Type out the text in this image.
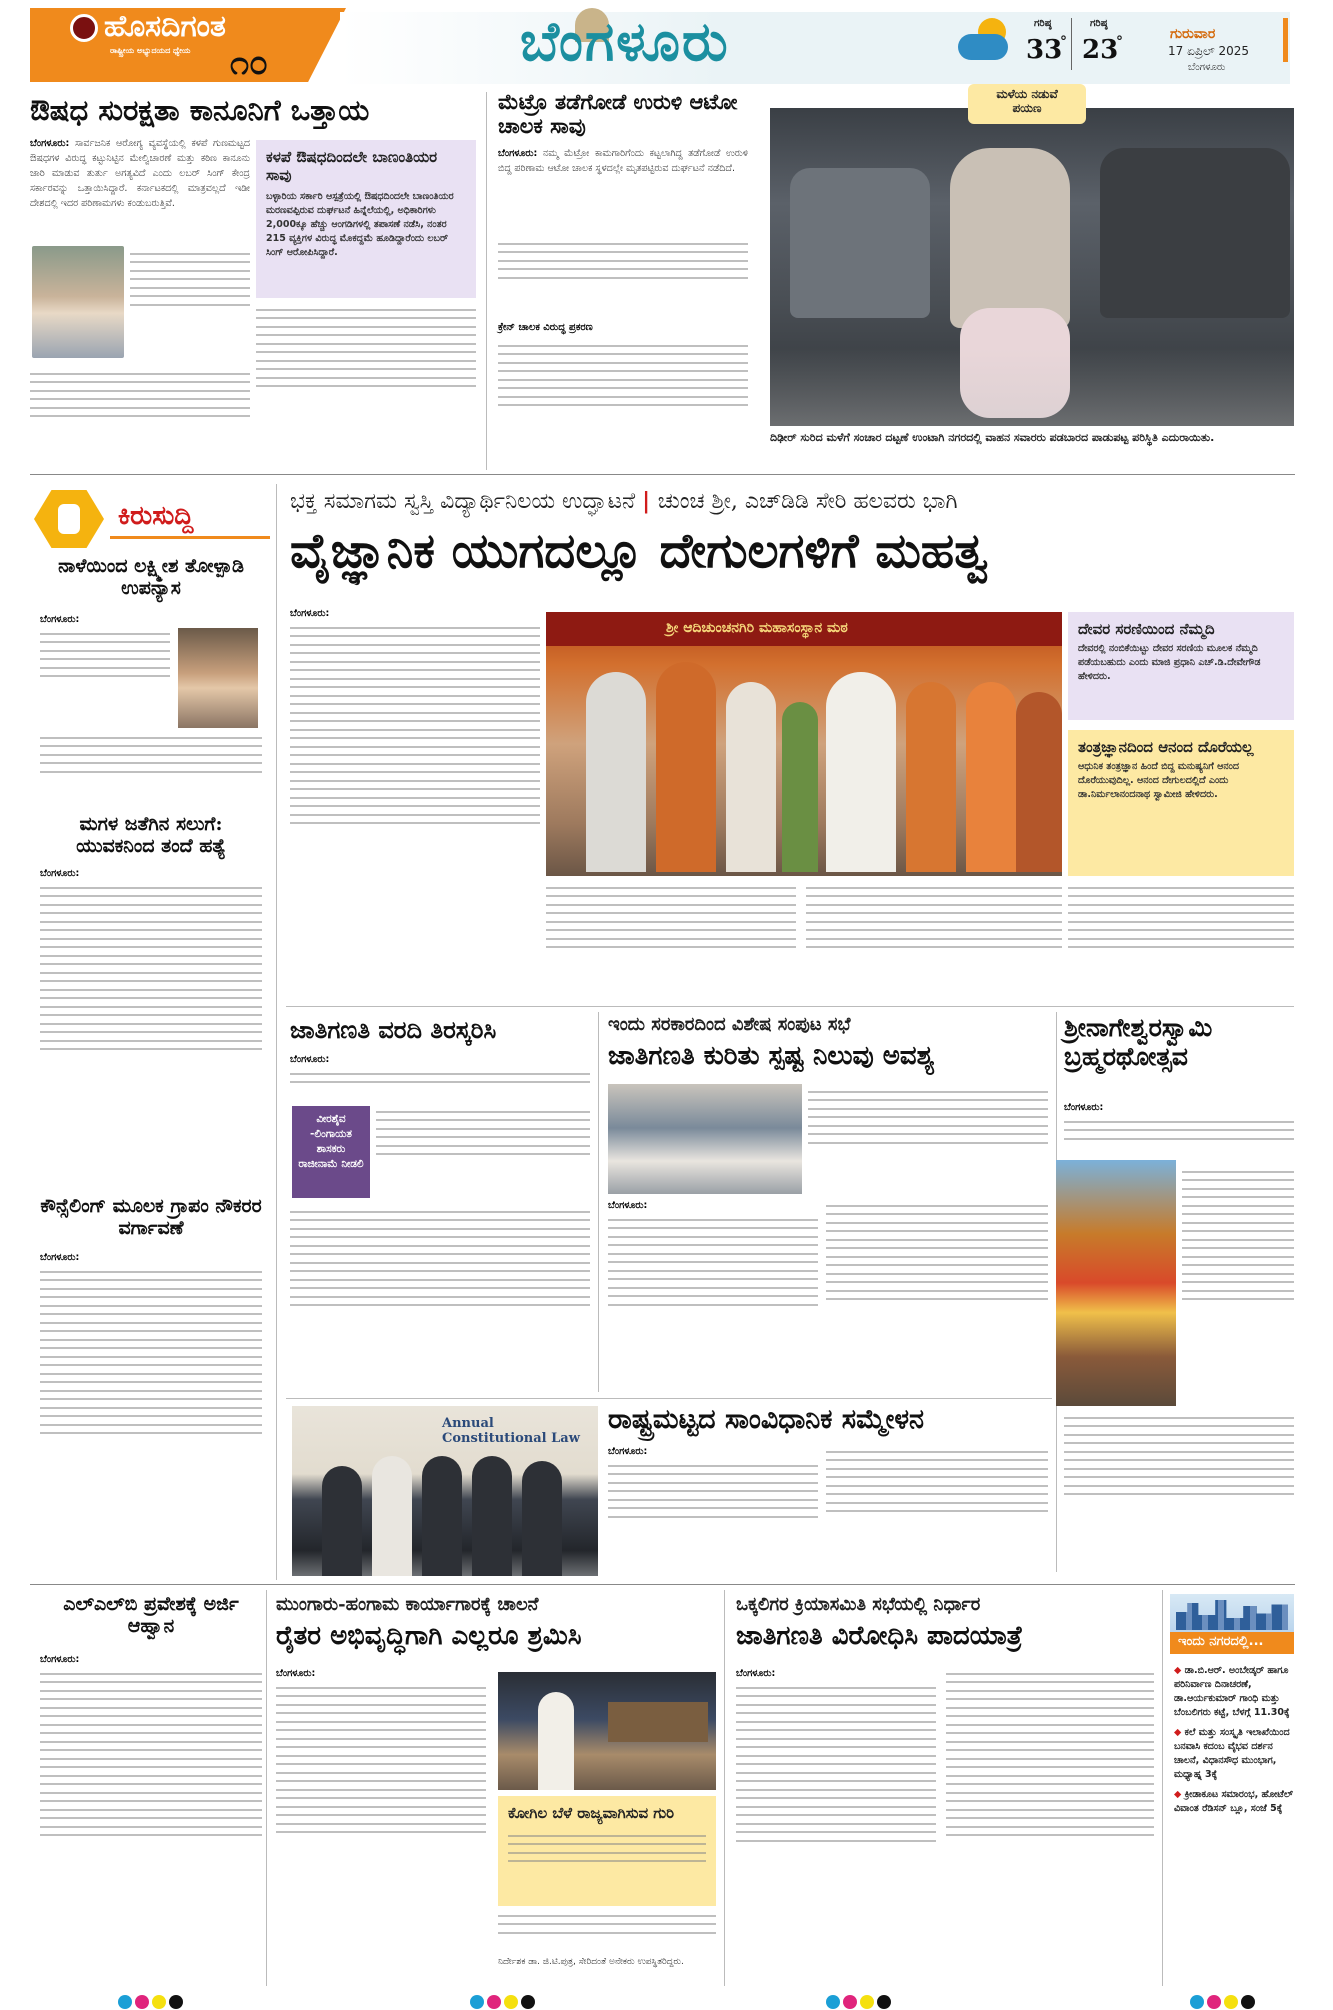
ಹೊಸದಿಗಂತ
ರಾಷ್ಟ್ರೀಯ ಅಭ್ಯುದಯದ ಧ್ಯೇಯ ೧೦	ಬೆಂಗಳೂರು	ಗರಿಷ್ಠ
33
°
ಗರಿಷ್ಠ
23
°	ಗುರುವಾರ
17 ಏಪ್ರಿಲ್ 2025
ಬೆಂಗಳೂರು
ಔಷಧ ಸುರಕ್ಷತಾ ಕಾನೂನಿಗೆ ಒತ್ತಾಯ
ಬೆಂಗಳೂರು: ಸಾರ್ವಜನಿಕ ಆರೋಗ್ಯ ವ್ಯವಸ್ಥೆಯಲ್ಲಿ ಕಳಪೆ ಗುಣಮಟ್ಟದ ಔಷಧಗಳ ವಿರುದ್ಧ ಕಟ್ಟುನಿಟ್ಟಿನ ಮೇಲ್ವಿಚಾರಣೆ ಮತ್ತು ಕಠಿಣ ಕಾನೂನು ಜಾರಿ ಮಾಡುವ ತುರ್ತು ಅಗತ್ಯವಿದೆ ಎಂದು ಲಬರ್ ಸಿಂಗ್ ಕೇಂದ್ರ ಸರ್ಕಾರವನ್ನು ಒತ್ತಾಯಿಸಿದ್ದಾರೆ. ಕರ್ನಾಟಕದಲ್ಲಿ ಮಾತ್ರವಲ್ಲದೆ ಇಡೀ ದೇಶದಲ್ಲಿ ಇದರ ಪರಿಣಾಮಗಳು ಕಂಡುಬರುತ್ತಿವೆ.
ಕಳಪೆ ಔಷಧದಿಂದಲೇ ಬಾಣಂತಿಯರ ಸಾವು
ಬಳ್ಳಾರಿಯ ಸರ್ಕಾರಿ ಆಸ್ಪತ್ರೆಯಲ್ಲಿ ಔಷಧದಿಂದಲೇ ಬಾಣಂತಿಯರ ಮರಣವಪ್ಪಿರುವ ದುರ್ಘಟನೆ ಹಿನ್ನೆಲೆಯಲ್ಲಿ, ಅಧಿಕಾರಿಗಳು 2,000ಕ್ಕೂ ಹೆಚ್ಚು ಆಂಗಡಿಗಳಲ್ಲಿ ತಪಾಸಣೆ ನಡೆಸಿ, ನಂತರ 215 ವ್ಯಕ್ತಿಗಳ ವಿರುದ್ಧ ಮೊಕದ್ದಮೆ ಹೂಡಿದ್ದಾರೆಂದು ಲಬರ್ ಸಿಂಗ್ ಆರೋಪಿಸಿದ್ದಾರೆ.
ಮೆಟ್ರೊ ತಡೆಗೋಡೆ ಉರುಳಿ ಆಟೋ ಚಾಲಕ ಸಾವು
ಬೆಂಗಳೂರು: ನಮ್ಮ ಮೆಟ್ರೋ ಕಾಮಗಾರಿಗೆಂದು ಕಟ್ಟಲಾಗಿದ್ದ ತಡೆಗೋಡೆ ಉರುಳಿ ಬಿದ್ದ ಪರಿಣಾಮ ಆಟೋ ಚಾಲಕ ಸ್ಥಳದಲ್ಲೇ ಮೃತಪಟ್ಟಿರುವ ದುರ್ಘಟನೆ ನಡೆದಿದೆ.
ಕ್ರೇನ್ ಚಾಲಕ ವಿರುದ್ಧ ಪ್ರಕರಣ
ಮಳೆಯ ನಡುವೆ
ಪಯಣ
ದಿಢೀರ್ ಸುರಿದ ಮಳೆಗೆ ಸಂಚಾರ ದಟ್ಟಣೆ ಉಂಟಾಗಿ ನಗರದಲ್ಲಿ ವಾಹನ ಸವಾರರು ಪಡಬಾರದ ಪಾಡುಪಟ್ಟ ಪರಿಸ್ಥಿತಿ ಎದುರಾಯಿತು.
ಕಿರುಸುದ್ದಿ
ನಾಳೆಯಿಂದ ಲಕ್ಷ್ಮೀಶ ತೋಳ್ಪಾಡಿ ಉಪನ್ಯಾಸ
ಬೆಂಗಳೂರು:
ಮಗಳ ಜತೆಗಿನ ಸಲುಗೆ: ಯುವಕನಿಂದ ತಂದೆ ಹತ್ಯೆ
ಬೆಂಗಳೂರು:
ಕೌನ್ಸೆಲಿಂಗ್ ಮೂಲಕ ಗ್ರಾಪಂ ನೌಕರರ ವರ್ಗಾವಣೆ
ಬೆಂಗಳೂರು:
ಭಕ್ತ ಸಮಾಗಮ ಸ್ವಸ್ತಿ ವಿದ್ಯಾರ್ಥಿನಿಲಯ ಉದ್ಘಾಟನೆ | ಚುಂಚ ಶ್ರೀ, ಎಚ್‌ಡಿಡಿ ಸೇರಿ ಹಲವರು ಭಾಗಿ
ವೈಜ್ಞಾನಿಕ ಯುಗದಲ್ಲೂ ದೇಗುಲಗಳಿಗೆ ಮಹತ್ವ
ಬೆಂಗಳೂರು:
ಶ್ರೀ ಆದಿಚುಂಚನಗಿರಿ ಮಹಾಸಂಸ್ಥಾನ ಮಠ	ದೇವರ ಸರಣಿಯಿಂದ ನೆಮ್ಮದಿ
ದೇವರಲ್ಲಿ ನಂಬಿಕೆಯಿಟ್ಟು ದೇವರ ಸರಣಿಯ ಮೂಲಕ ನೆಮ್ಮದಿ ಪಡೆಯಬಹುದು ಎಂದು ಮಾಜಿ ಪ್ರಧಾನಿ ಎಚ್.ಡಿ.ದೇವೇಗೌಡ ಹೇಳಿದರು.
ತಂತ್ರಜ್ಞಾನದಿಂದ ಆನಂದ ದೊರೆಯಲ್ಲ
ಆಧುನಿಕ ತಂತ್ರಜ್ಞಾನ ಹಿಂದೆ ಬಿದ್ದ ಮನುಷ್ಯನಿಗೆ ಆನಂದ ದೊರೆಯುವುದಿಲ್ಲ. ಆನಂದ ದೇಗುಲದಲ್ಲಿದೆ ಎಂದು ಡಾ.ನಿರ್ಮಲಾನಂದನಾಥ ಸ್ವಾಮೀಜಿ ಹೇಳಿದರು.
ಜಾತಿಗಣತಿ ವರದಿ ತಿರಸ್ಕರಿಸಿ
ಬೆಂಗಳೂರು:
ವೀರಶೈವ -ಲಿಂಗಾಯತ ಶಾಸಕರು ರಾಜೀನಾಮೆ ನೀಡಲಿ
ಇಂದು ಸರಕಾರದಿಂದ ವಿಶೇಷ ಸಂಪುಟ ಸಭೆ
ಜಾತಿಗಣತಿ ಕುರಿತು ಸ್ಪಷ್ಟ ನಿಲುವು ಅವಶ್ಯ
ಬೆಂಗಳೂರು:
ಶ್ರೀನಾಗೇಶ್ವರಸ್ವಾಮಿ ಬ್ರಹ್ಮರಥೋತ್ಸವ
ಬೆಂಗಳೂರು:
Annual Constitutional Law
ರಾಷ್ಟ್ರಮಟ್ಟದ ಸಾಂವಿಧಾನಿಕ ಸಮ್ಮೇಳನ
ಬೆಂಗಳೂರು:
ಎಲ್‌ಎಲ್‌ಬಿ ಪ್ರವೇಶಕ್ಕೆ ಅರ್ಜಿ ಆಹ್ವಾನ
ಬೆಂಗಳೂರು:
ಮುಂಗಾರು-ಹಂಗಾಮ ಕಾರ್ಯಾಗಾರಕ್ಕೆ ಚಾಲನೆ
ರೈತರ ಅಭಿವೃದ್ಧಿಗಾಗಿ ಎಲ್ಲರೂ ಶ್ರಮಿಸಿ
ಬೆಂಗಳೂರು:
ಕೋಗಿಲ ಬೆಳೆ ರಾಜ್ಯವಾಗಿಸುವ ಗುರಿ
ನಿರ್ದೇಶಕ ಡಾ. ಜಿ.ಟಿ.ಪುತ್ರ, ಸೇರಿದಂತೆ ಅನೇಕರು ಉಪಸ್ಥಿತರಿದ್ದರು.
ಒಕ್ಕಲಿಗರ ಕ್ರಿಯಾಸಮಿತಿ ಸಭೆಯಲ್ಲಿ ನಿರ್ಧಾರ
ಜಾತಿಗಣತಿ ವಿರೋಧಿಸಿ ಪಾದಯಾತ್ರೆ
ಬೆಂಗಳೂರು:
ಇಂದು ನಗರದಲ್ಲಿ...
◆ ಡಾ.ಬಿ.ಆರ್. ಅಂಬೇಡ್ಕರ್ ಹಾಗೂ ಪರಿನಿರ್ವಾಣ ದಿನಾಚರಣೆ, ಡಾ.ಆರ್ಯಕುಮಾರ್ ಗಾಂಧಿ ಮತ್ತು ಬೆಂಬಲಿಗರು ಕಟ್ಟೆ, ಬೆಳಗ್ಗೆ 11.30ಕ್ಕೆ
◆ ಕಲೆ ಮತ್ತು ಸಂಸ್ಕೃತಿ ಇಲಾಖೆಯಿಂದ ಬನವಾಸಿ ಕದಂಬ ವೈಭವ ದರ್ಶನ ಚಾಲನೆ, ವಿಧಾನಸೌಧ ಮುಂಭಾಗ, ಮಧ್ಯಾಹ್ನ 3ಕ್ಕೆ
◆ ಕ್ರೀಡಾಕೂಟ ಸಮಾರಂಭ, ಹೋಟೆಲ್ ವಿವಾಂತ ರೆಡಿಸನ್ ಬ್ಲೂ, ಸಂಜೆ 5ಕ್ಕೆ
